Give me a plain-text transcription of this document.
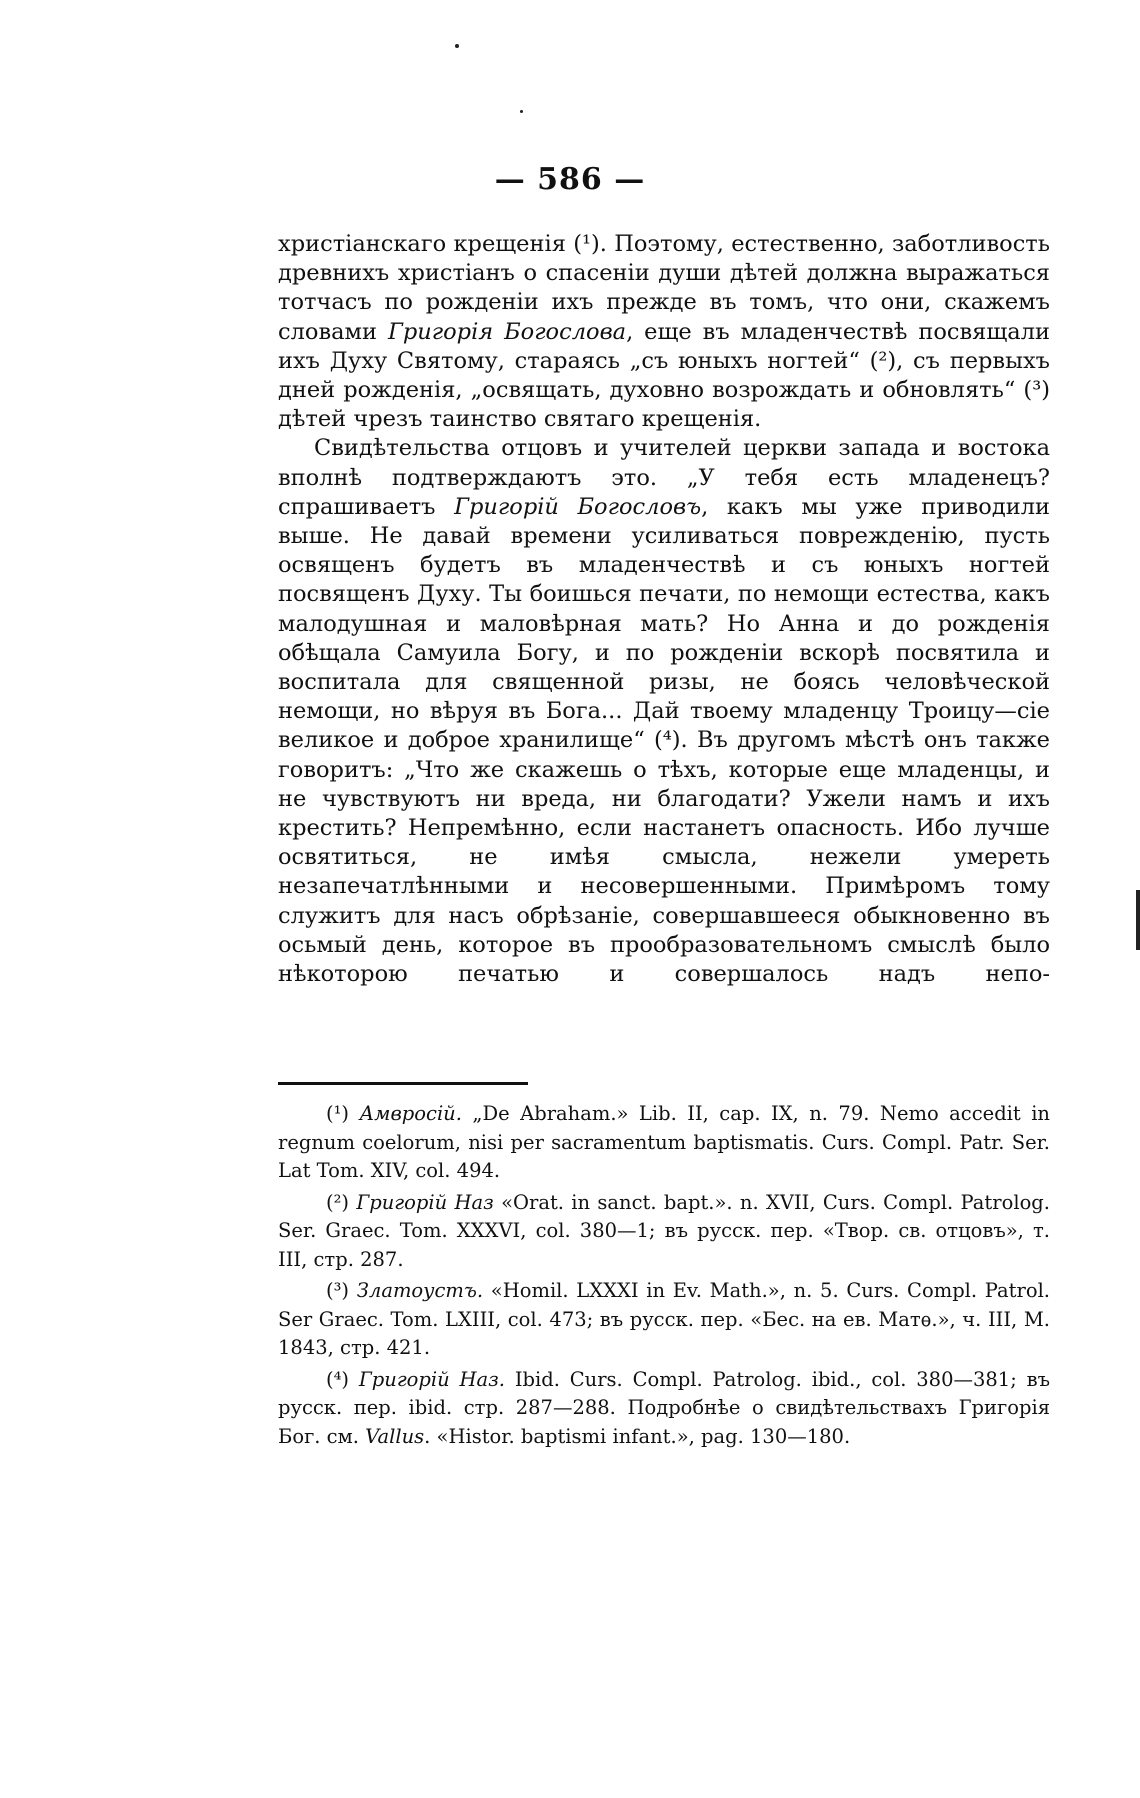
— 586 —

христіанскаго крещенія (¹). Поэтому, естественно, заботливость древнихъ христіанъ о спасеніи души дѣтей должна выражаться тотчасъ по рожденіи ихъ прежде въ томъ, что они, скажемъ словами Григорія Богослова, еще въ младенчествѣ посвящали ихъ Духу Святому, стараясь „съ юныхъ ногтей“ (²), съ первыхъ дней рожденія, „освящать, духовно возрождать и обновлять“ (³) дѣтей чрезъ таинство святаго крещенія.

Свидѣтельства отцовъ и учителей церкви запада и востока вполнѣ подтверждаютъ это. „У тебя есть младенецъ? спрашиваетъ Григорій Богословъ, какъ мы уже приводили выше. Не давай времени усиливаться поврежденію, пусть освященъ будетъ въ младенчествѣ и съ юныхъ ногтей посвященъ Духу. Ты боишься печати, по немощи естества, какъ малодушная и маловѣрная мать? Но Анна и до рожденія обѣщала Самуила Богу, и по рожденіи вскорѣ посвятила и воспитала для священной ризы, не боясь человѣческой немощи, но вѣруя въ Бога... Дай твоему младенцу Троицу—сіе великое и доброе хранилище“ (⁴). Въ другомъ мѣстѣ онъ также говоритъ: „Что же скажешь о тѣхъ, которые еще младенцы, и не чувствуютъ ни вреда, ни благодати? Ужели намъ и ихъ крестить? Непремѣнно, если настанетъ опасность. Ибо лучше освятиться, не имѣя смысла, нежели умереть незапечатлѣнными и несовершенными. Примѣромъ тому служитъ для насъ обрѣзаніе, совершавшееся обыкновенно въ осьмый день, которое въ прообразовательномъ смыслѣ было нѣкоторою печатью и совершалось надъ непо-

(¹) Амвросій. „De Abraham.» Lib. II, cap. IX, n. 79. Nemo accedit in regnum coelorum, nisi per sacramentum baptismatis. Curs. Compl. Patr. Ser. Lat Tom. XIV, col. 494.

(²) Григорій Наз «Orat. in sanct. bapt.». n. XVII, Curs. Compl. Patrolog. Ser. Graec. Tom. XXXVI, col. 380—1; въ русск. пер. «Твор. св. отцовъ», т. III, стр. 287.

(³) Златоустъ. «Homil. LXXXI in Ev. Math.», n. 5. Curs. Compl. Patrol. Ser Graec. Tom. LXIII, col. 473; въ русск. пер. «Бес. на ев. Матѳ.», ч. III, М. 1843, стр. 421.

(⁴) Григорій Наз. Ibid. Curs. Compl. Patrolog. ibid., col. 380—381; въ русск. пер. ibid. стр. 287—288. Подробнѣе о свидѣтельствахъ Григорія Бог. см. Vallus. «Histor. baptismi infant.», pag. 130—180.
